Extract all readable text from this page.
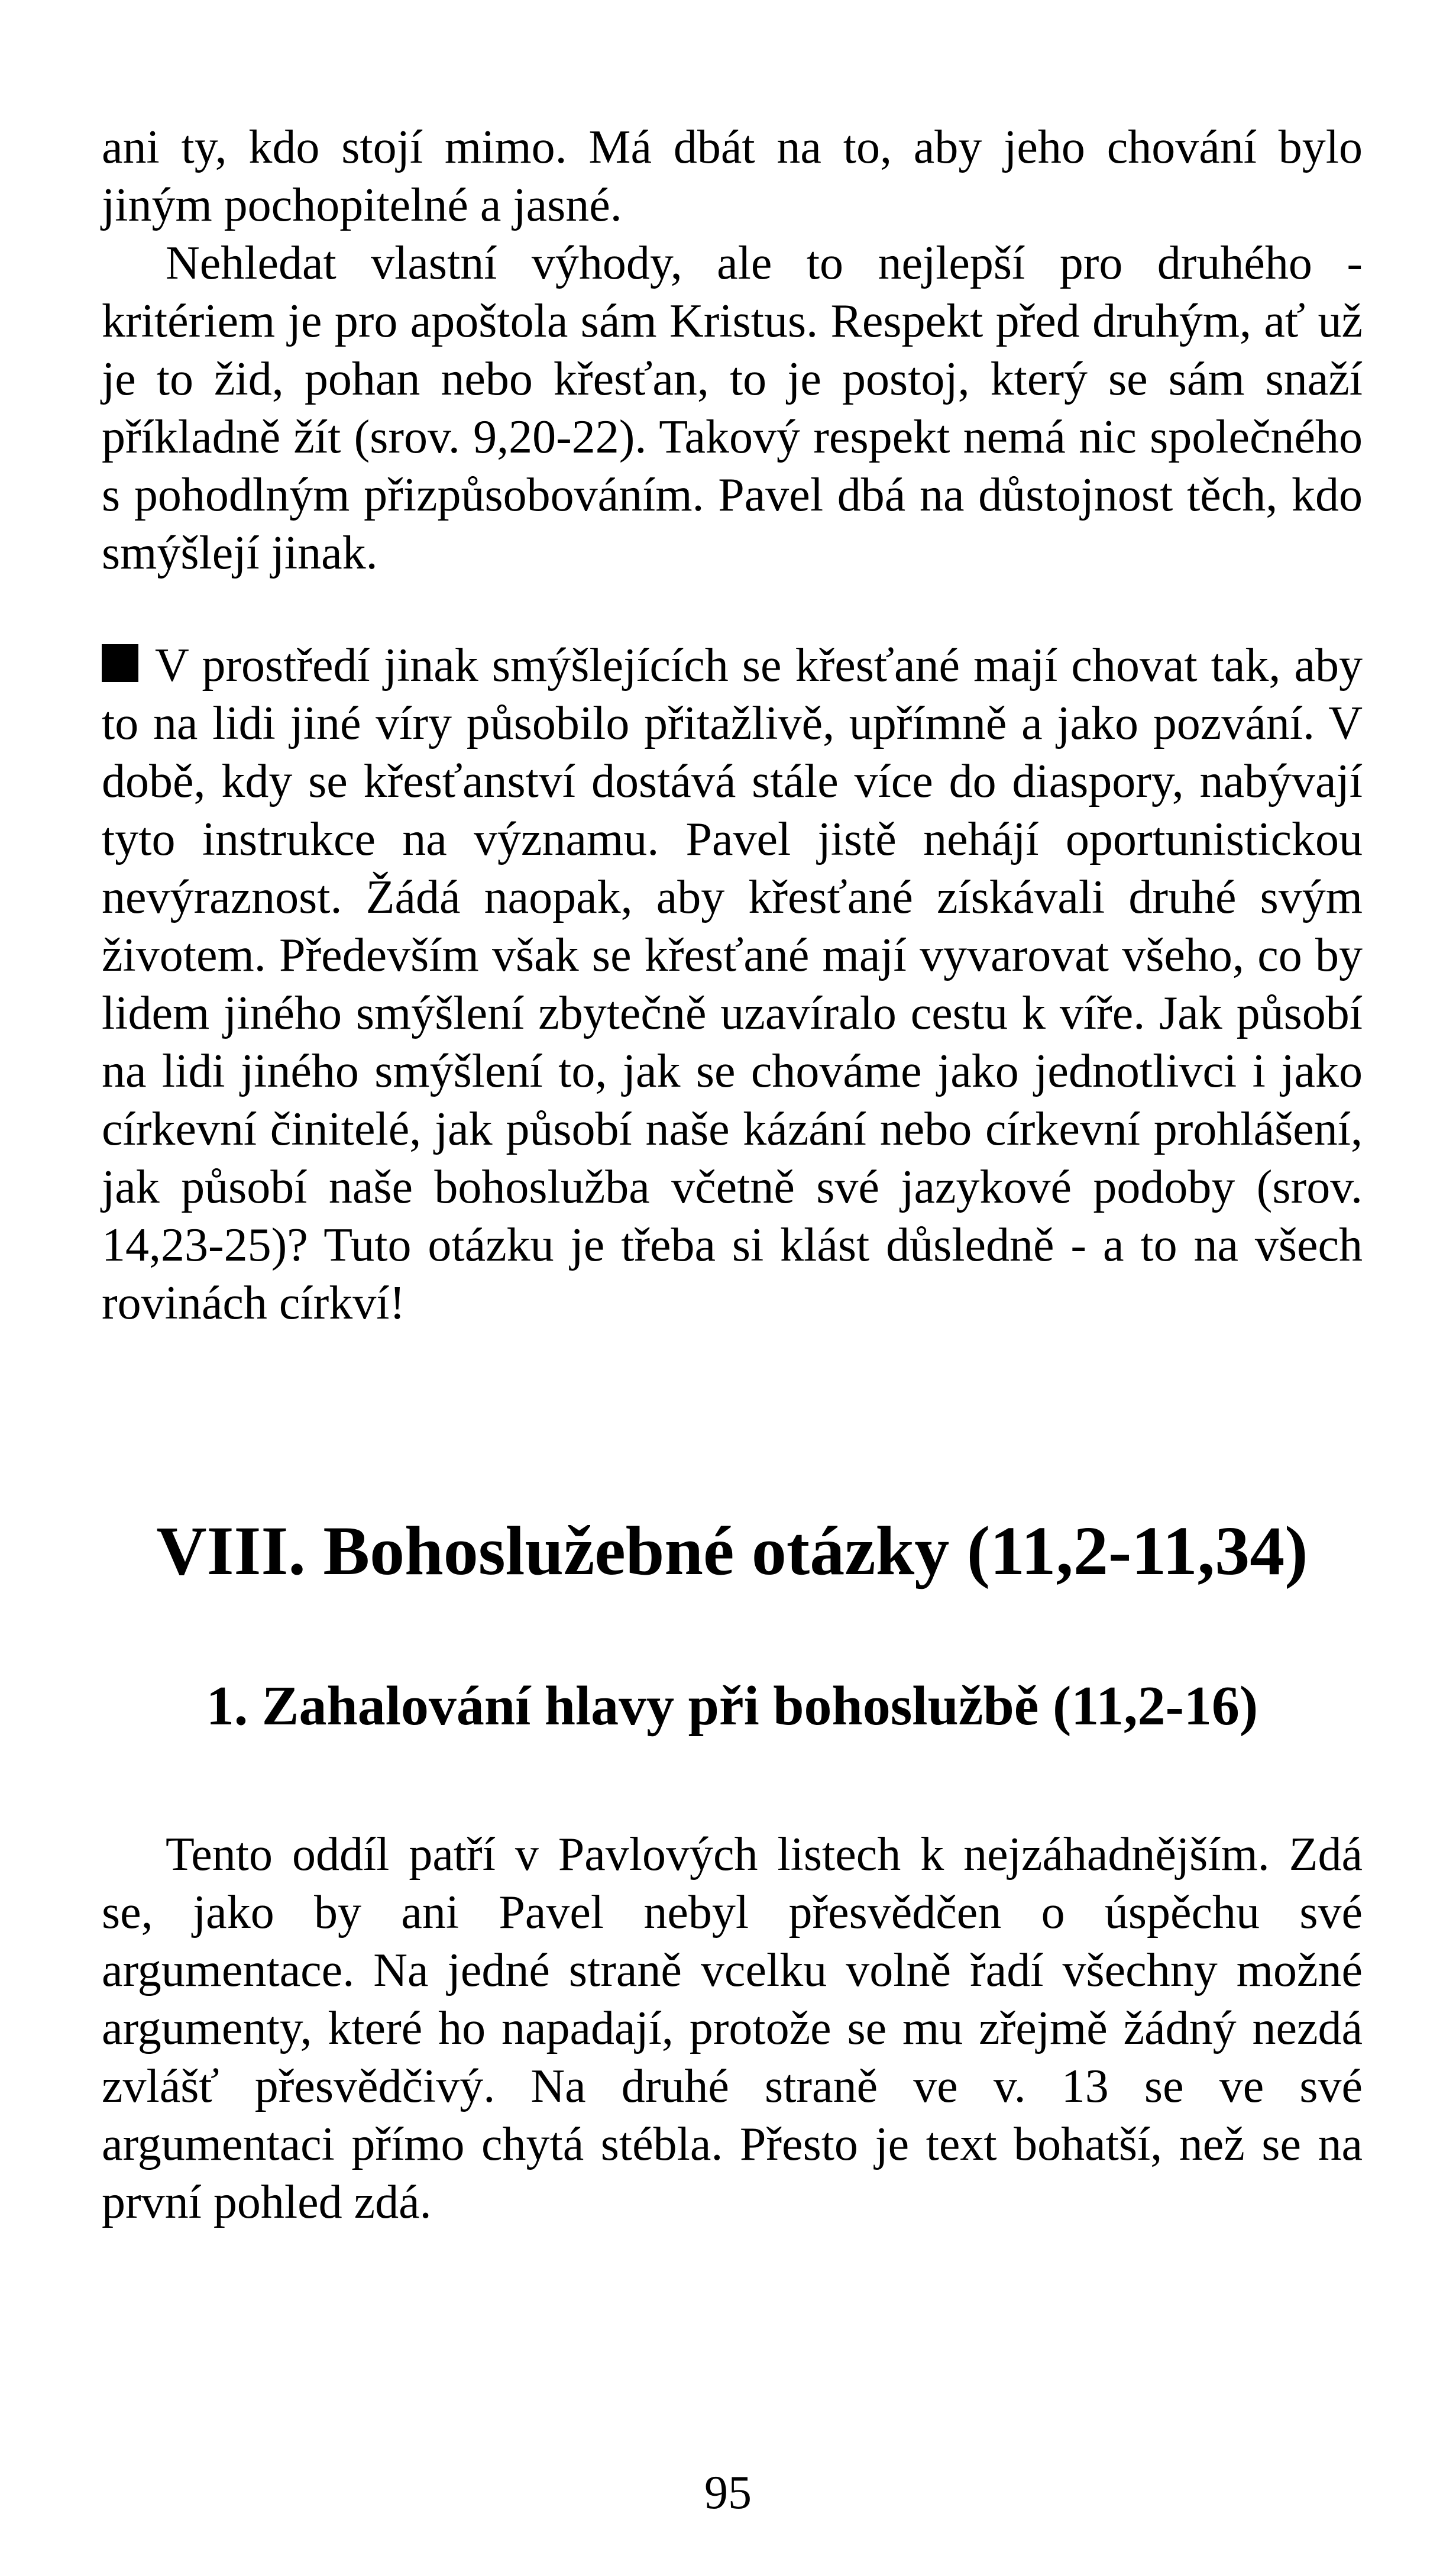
ani ty, kdo stojí mimo. Má dbát na to, aby jeho chování bylo jiným pochopitelné a jasné.

Nehledat vlastní výhody, ale to nejlepší pro druhého - kritériem je pro apoštola sám Kristus. Respekt před druhým, ať už je to žid, pohan nebo křesťan, to je postoj, který se sám snaží příkladně žít (srov. 9,20-22). Takový respekt nemá nic společného s pohodlným přizpůsobováním. Pavel dbá na důstojnost těch, kdo smýšlejí jinak.

V prostředí jinak smýšlejících se křesťané mají chovat tak, aby to na lidi jiné víry působilo přitažlivě, upřímně a jako pozvání. V době, kdy se křesťanství dostává stále více do diaspory, nabývají tyto instrukce na významu. Pavel jistě nehájí oportunistickou nevýraznost. Žádá naopak, aby křesťané získávali druhé svým životem. Především však se křesťané mají vyvarovat všeho, co by lidem jiného smýšlení zbytečně uzavíralo cestu k víře. Jak působí na lidi jiného smýšlení to, jak se chováme jako jednotlivci i jako církevní činitelé, jak působí naše kázání nebo církevní prohlášení, jak působí naše bohoslužba včetně své jazykové podoby (srov. 14,23-25)? Tuto otázku je třeba si klást důsledně - a to na všech rovinách církví!

VIII. Bohoslužebné otázky (11,2-11,34)
1. Zahalování hlavy při bohoslužbě (11,2-16)

Tento oddíl patří v Pavlových listech k nejzáhadnějším. Zdá se, jako by ani Pavel nebyl přesvědčen o úspěchu své argumentace. Na jedné straně vcelku volně řadí všechny možné argumenty, které ho napadají, protože se mu zřejmě žádný nezdá zvlášť přesvědčivý. Na druhé straně ve v. 13 se ve své argumentaci přímo chytá stébla. Přesto je text bohatší, než se na první pohled zdá.

95
